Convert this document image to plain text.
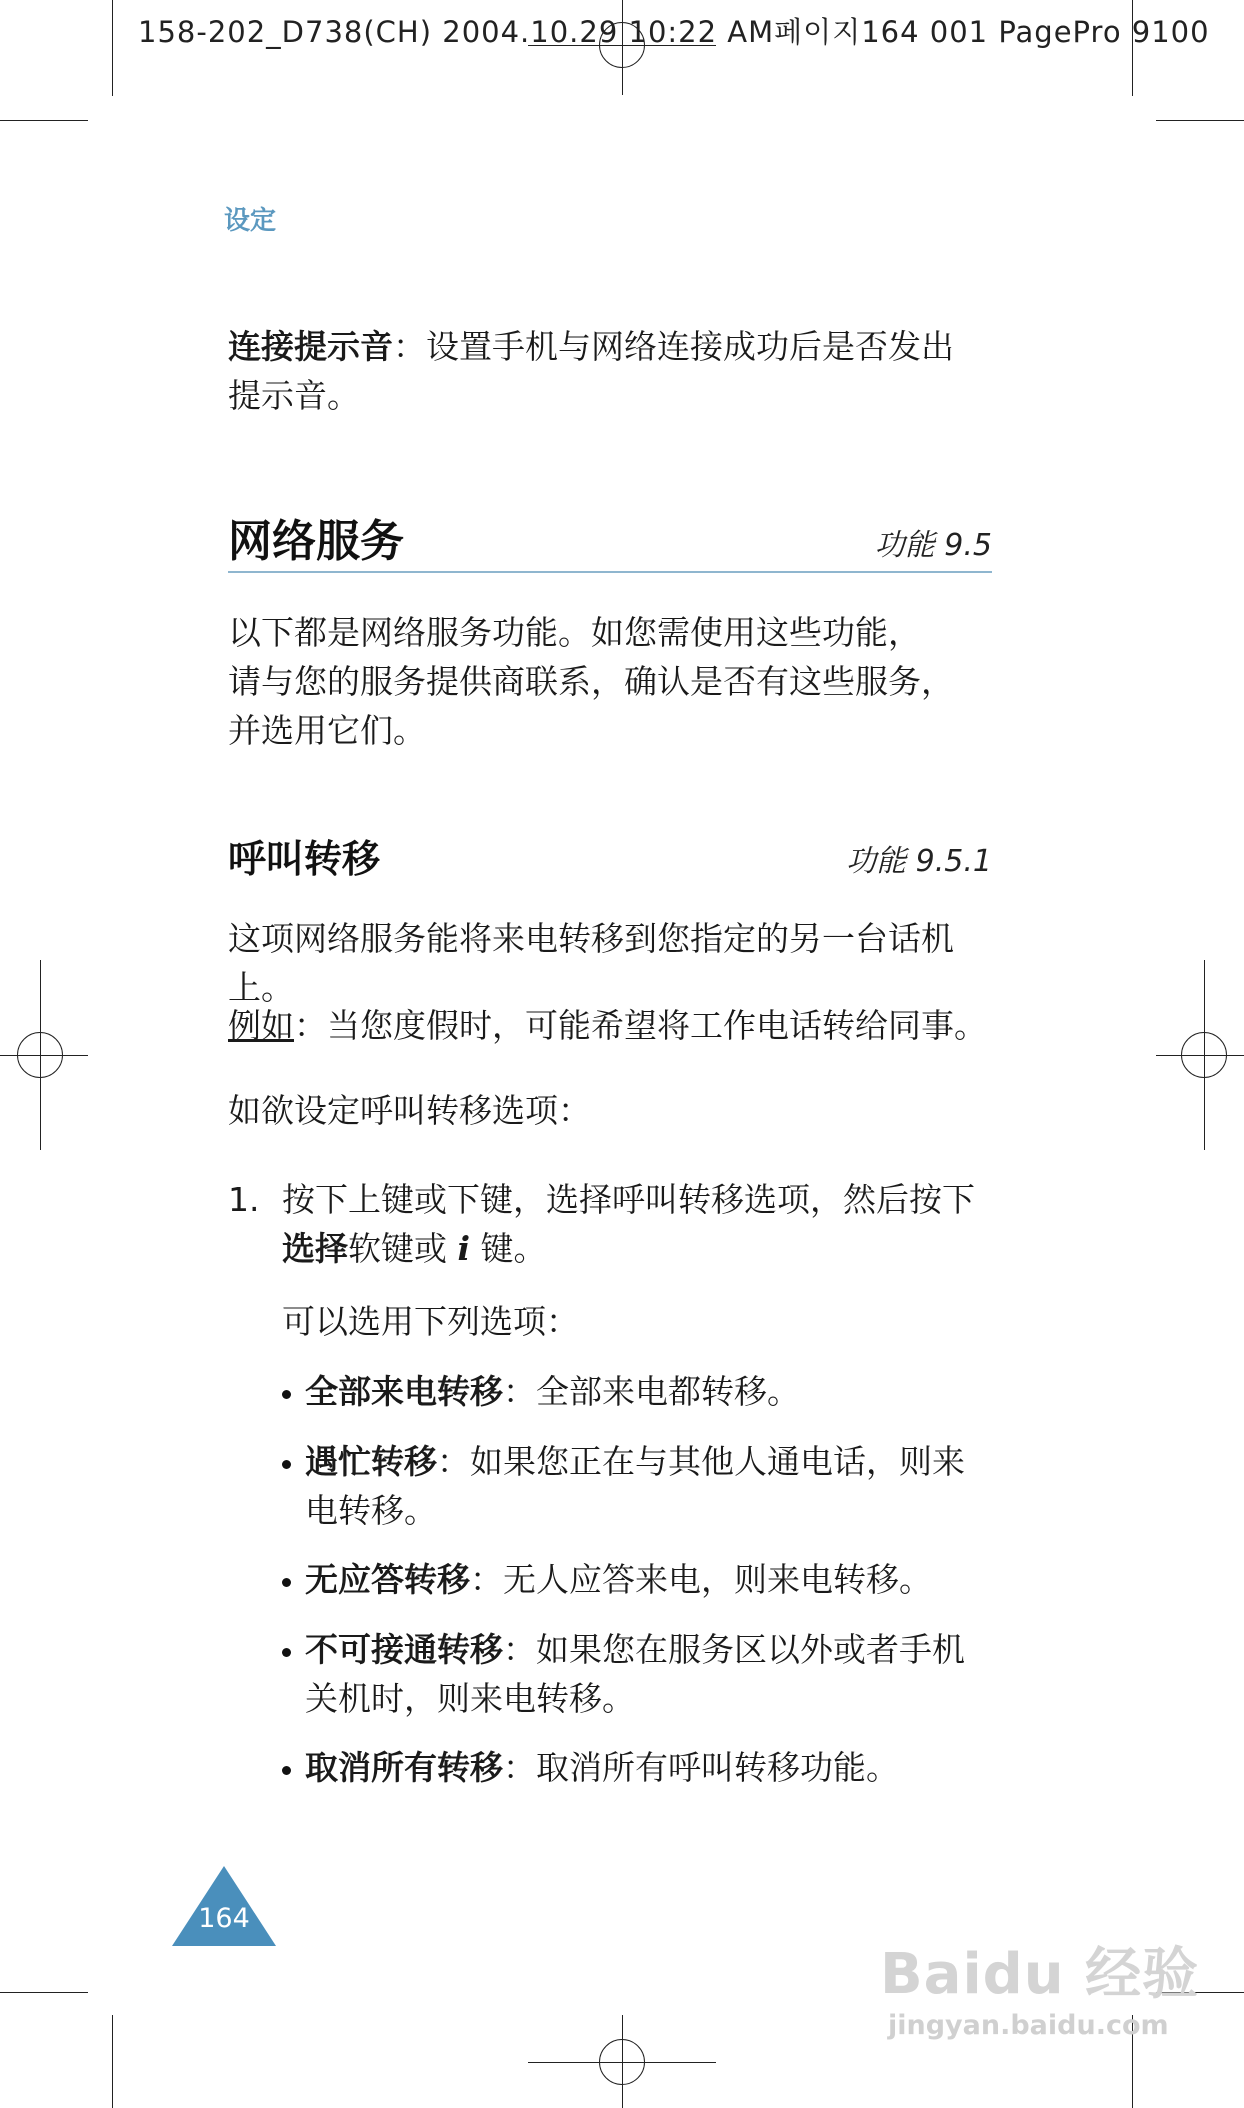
158-202_D738(CH) 2004.10.29 10:22 AM페이지164 001 PagePro 9100
设定
连接提示音：设置手机与网络连接成功后是否发出
提示音。
网络服务	功能 9.5
以下都是网络服务功能。如您需使用这些功能，
请与您的服务提供商联系，确认是否有这些服务，
并选用它们。
呼叫转移	功能 9.5.1
这项网络服务能将来电转移到您指定的另一台话机上。
例如：当您度假时，可能希望将工作电话转给同事。
如欲设定呼叫转移选项：
1. 按下上键或下键，选择呼叫转移选项，然后按下
选择软键或 i 键。
可以选用下列选项：
全部来电转移：全部来电都转移。
遇忙转移：如果您正在与其他人通电话，则来
电转移。
无应答转移：无人应答来电，则来电转移。
不可接通转移：如果您在服务区以外或者手机
关机时，则来电转移。
取消所有转移：取消所有呼叫转移功能。
164
Baidu 经验
jingyan.baidu.com
